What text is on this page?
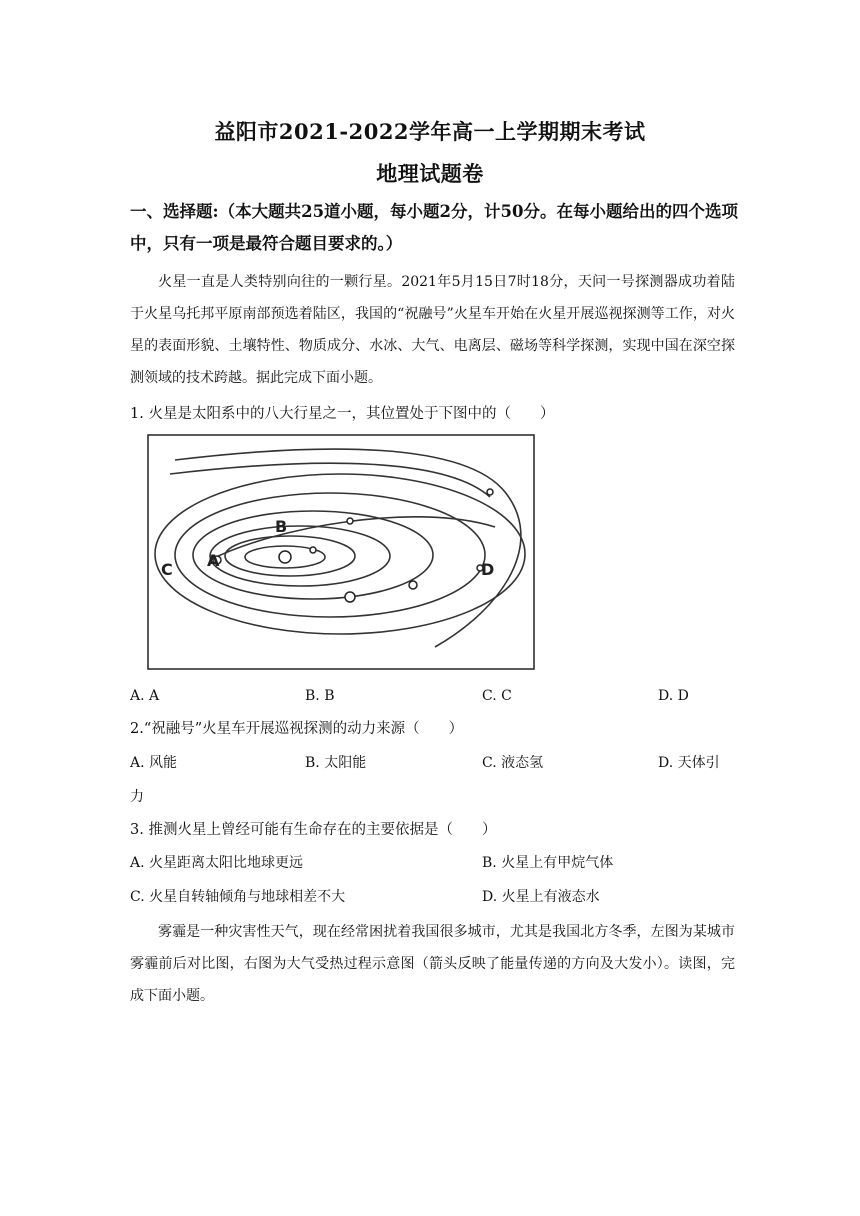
益阳市2021-2022学年高一上学期期末考试
地理试题卷
一、选择题:（本大题共25道小题，每小题2分，计50分。在每小题给出的四个选项中，只有一项是最符合题目要求的。）
火星一直是人类特别向往的一颗行星。2021年5月15日7时18分，天问一号探测器成功着陆于火星乌托邦平原南部预选着陆区，我国的“祝融号”火星车开始在火星开展巡视探测等工作，对火星的表面形貌、土壤特性、物质成分、水冰、大气、电离层、磁场等科学探测，实现中国在深空探测领域的技术跨越。据此完成下面小题。
1. 火星是太阳系中的八大行星之一，其位置处于下图中的（　　）
A
B
C	D
A. A	B. B	C. C	D. D
2.“祝融号”火星车开展巡视探测的动力来源（　　）
A. 风能	B. 太阳能	C. 液态氢	D. 天体引
力
3. 推测火星上曾经可能有生命存在的主要依据是（　　）
A. 火星距离太阳比地球更远	B. 火星上有甲烷气体
C. 火星自转轴倾角与地球相差不大	D. 火星上有液态水
雾霾是一种灾害性天气，现在经常困扰着我国很多城市，尤其是我国北方冬季，左图为某城市雾霾前后对比图，右图为大气受热过程示意图（箭头反映了能量传递的方向及大发小）。读图，完成下面小题。
